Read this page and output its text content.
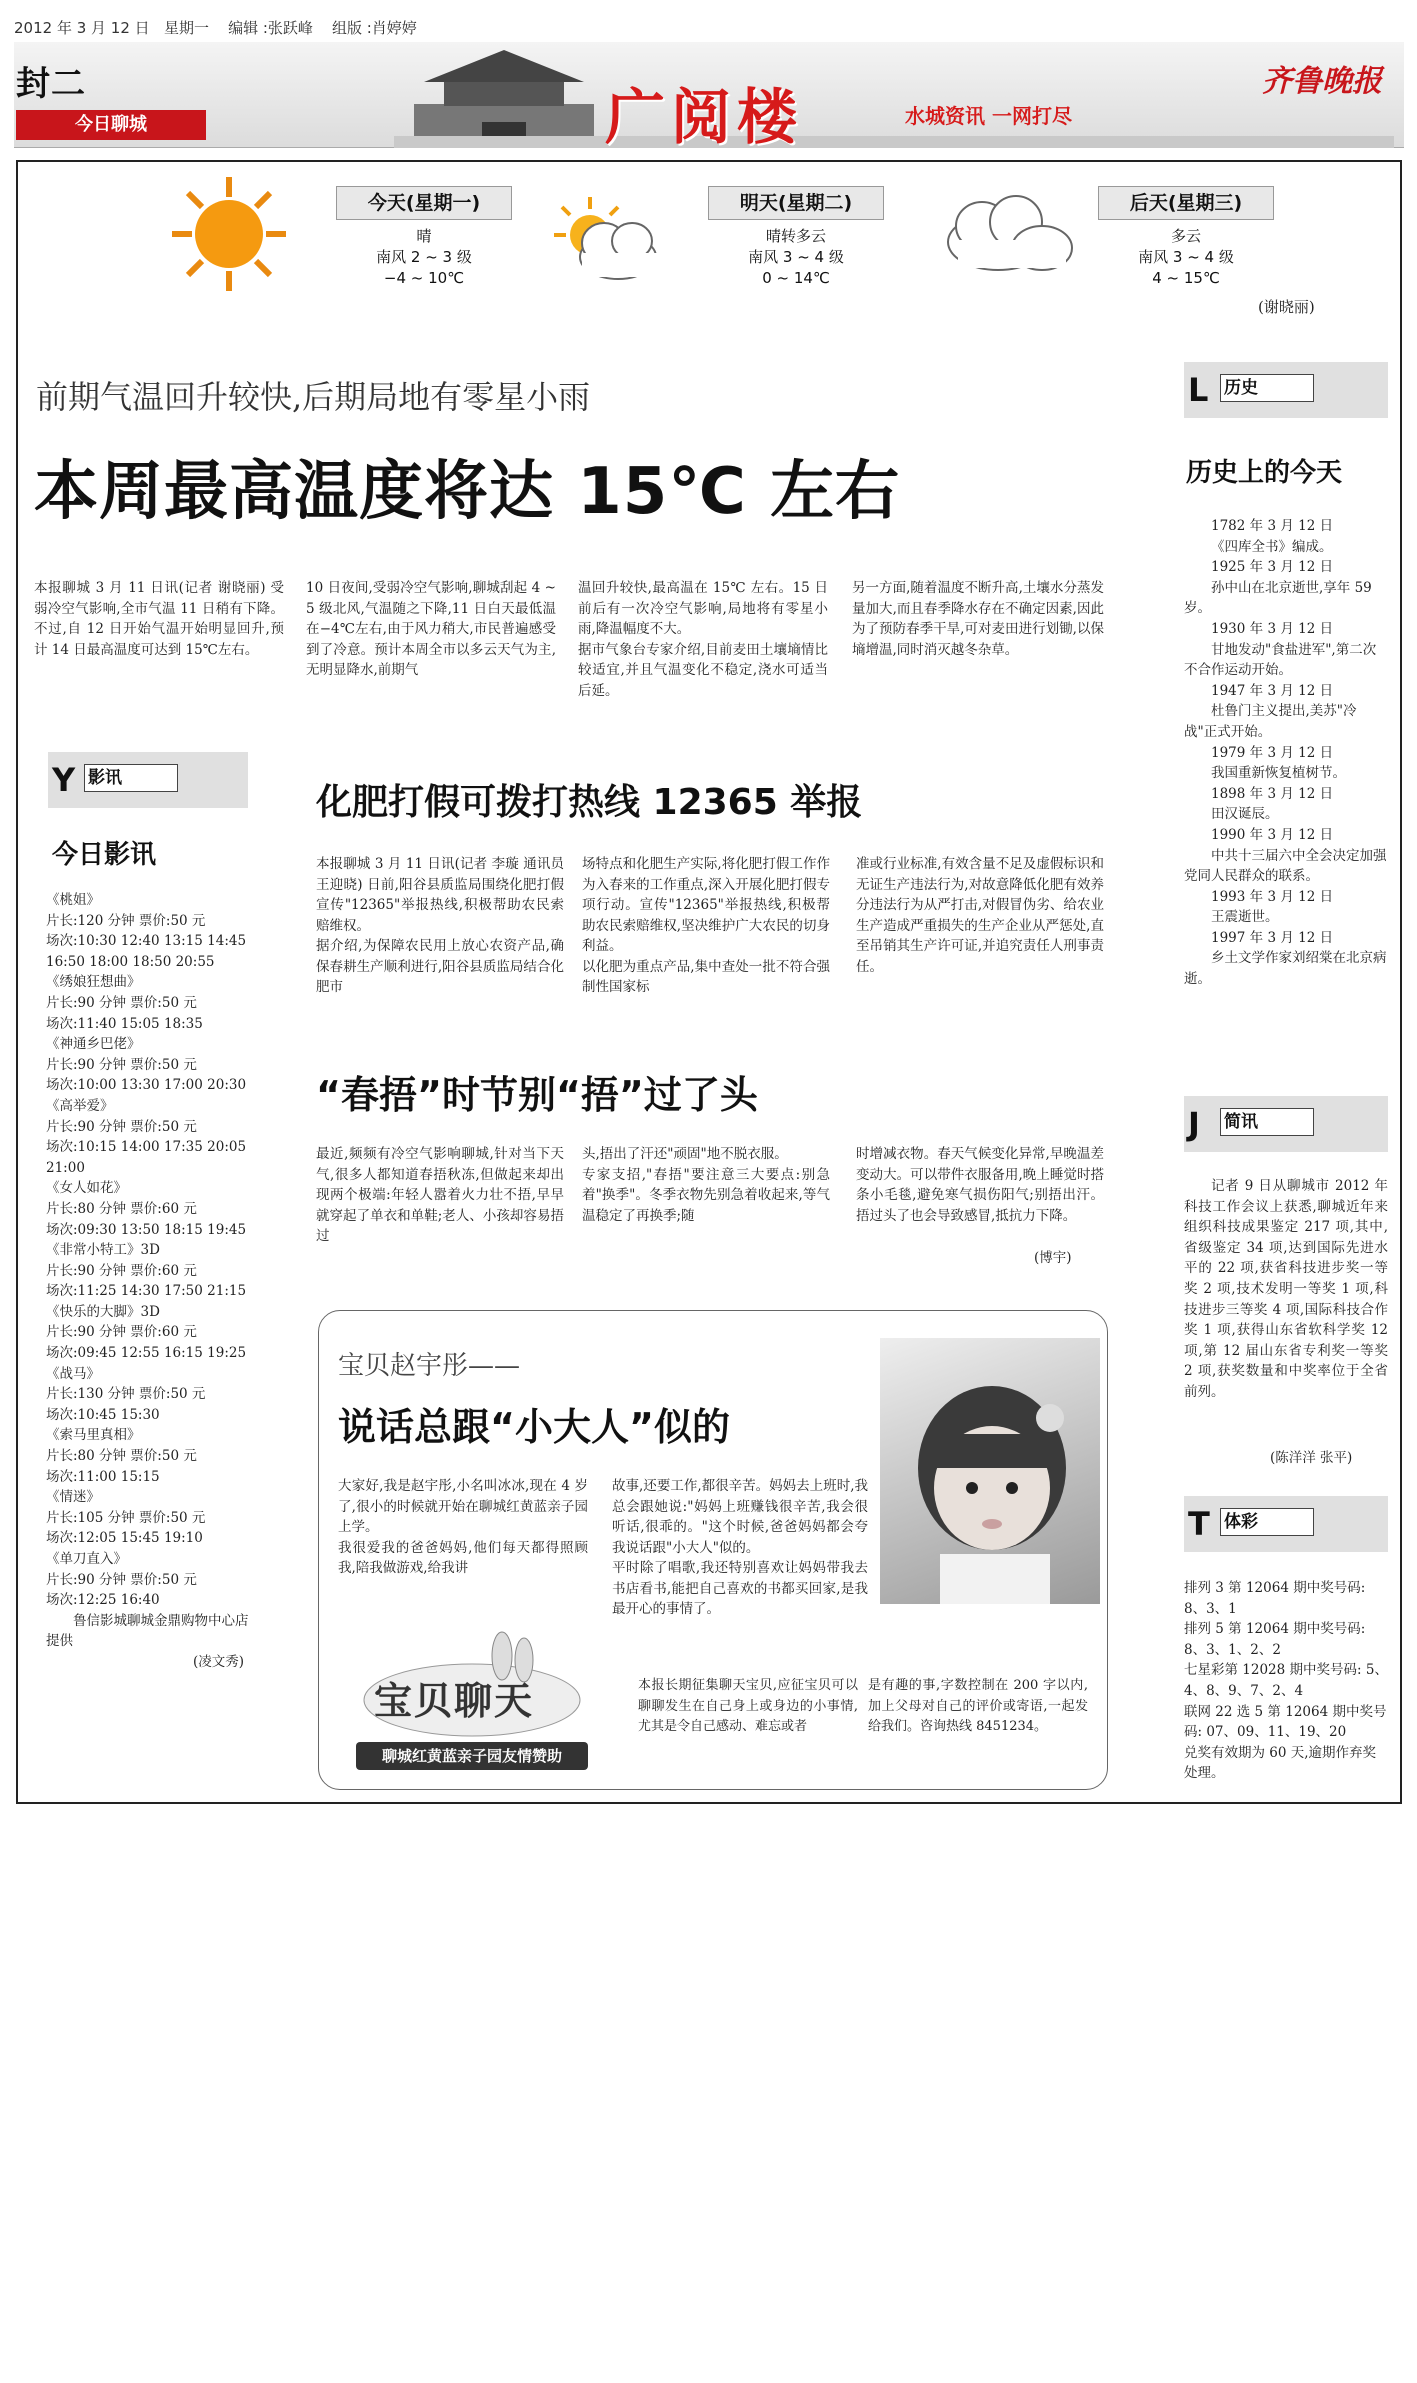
2012 年 3 月 12 日 星期一 编辑 :张跃峰 组版 :肖婷婷
封二
今日聊城	广阅楼	水城资讯 一网打尽
齐鲁晚报
今天(星期一)
晴
南风 2 ~ 3 级
−4 ~ 10℃
明天(星期二)
晴转多云
南风 3 ~ 4 级
0 ~ 14℃
后天(星期三)
多云
南风 3 ~ 4 级
4 ~ 15℃
(谢晓丽)
前期气温回升较快,后期局地有零星小雨
本周最高温度将达 15℃ 左右
本报聊城 3 月 11 日讯(记者 谢晓丽) 受弱冷空气影响,全市气温 11 日稍有下降。不过,自 12 日开始气温开始明显回升,预计 14 日最高温度可达到 15℃左右。
10 日夜间,受弱冷空气影响,聊城刮起 4 ~ 5 级北风,气温随之下降,11 日白天最低温在−4℃左右,由于风力稍大,市民普遍感受到了冷意。预计本周全市以多云天气为主,无明显降水,前期气
温回升较快,最高温在 15℃ 左右。15 日前后有一次冷空气影响,局地将有零星小雨,降温幅度不大。
据市气象台专家介绍,目前麦田土壤墒情比较适宜,并且气温变化不稳定,浇水可适当后延。
另一方面,随着温度不断升高,土壤水分蒸发量加大,而且春季降水存在不确定因素,因此为了预防春季干旱,可对麦田进行划锄,以保墒增温,同时消灭越冬杂草。
化肥打假可拨打热线 12365 举报
本报聊城 3 月 11 日讯(记者 李璇 通讯员 王迎晓) 日前,阳谷县质监局围绕化肥打假宣传"12365"举报热线,积极帮助农民索赔维权。
据介绍,为保障农民用上放心农资产品,确保春耕生产顺利进行,阳谷县质监局结合化肥市
场特点和化肥生产实际,将化肥打假工作作为入春来的工作重点,深入开展化肥打假专项行动。宣传"12365"举报热线,积极帮助农民索赔维权,坚决维护广大农民的切身利益。
以化肥为重点产品,集中查处一批不符合强制性国家标
准或行业标准,有效含量不足及虚假标识和无证生产违法行为,对故意降低化肥有效养分违法行为从严打击,对假冒伪劣、给农业生产造成严重损失的生产企业从严惩处,直至吊销其生产许可证,并追究责任人刑事责任。
“春捂”时节别“捂”过了头
最近,频频有冷空气影响聊城,针对当下天气,很多人都知道春捂秋冻,但做起来却出现两个极端:年轻人嚣着火力壮不捂,早早就穿起了单衣和单鞋;老人、小孩却容易捂过
头,捂出了汗还"顽固"地不脱衣服。
专家支招,"春捂"要注意三大要点:别急着"换季"。冬季衣物先别急着收起来,等气温稳定了再换季;随
时增减衣物。春天气候变化异常,早晚温差变动大。可以带件衣服备用,晚上睡觉时搭条小毛毯,避免寒气损伤阳气;别捂出汗。捂过头了也会导致感冒,抵抗力下降。
(博宇)
宝贝赵宇彤——
说话总跟“小大人”似的
大家好,我是赵宇彤,小名叫冰冰,现在 4 岁了,很小的时候就开始在聊城红黄蓝亲子园上学。
我很爱我的爸爸妈妈,他们每天都得照顾我,陪我做游戏,给我讲
故事,还要工作,都很辛苦。妈妈去上班时,我总会跟她说:"妈妈上班赚钱很辛苦,我会很听话,很乖的。"这个时候,爸爸妈妈都会夸我说话跟"小大人"似的。
平时除了唱歌,我还特别喜欢让妈妈带我去书店看书,能把自己喜欢的书都买回家,是我最开心的事情了。
宝贝聊天
聊城红黄蓝亲子园友情赞助
本报长期征集聊天宝贝,应征宝贝可以聊聊发生在自己身上或身边的小事情,尤其是令自己感动、难忘或者
是有趣的事,字数控制在 200 字以内,加上父母对自己的评价或寄语,一起发给我们。咨询热线 8451234。
Y 影讯
今日影讯
《桃姐》
片长:120 分钟 票价:50 元
场次:10:30 12:40 13:15 14:45 16:50 18:00 18:50 20:55
《绣娘狂想曲》
片长:90 分钟 票价:50 元
场次:11:40 15:05 18:35
《神通乡巴佬》
片长:90 分钟 票价:50 元
场次:10:00 13:30 17:00 20:30
《高举爱》
片长:90 分钟 票价:50 元
场次:10:15 14:00 17:35 20:05 21:00
《女人如花》
片长:80 分钟 票价:60 元
场次:09:30 13:50 18:15 19:45
《非常小特工》3D
片长:90 分钟 票价:60 元
场次:11:25 14:30 17:50 21:15
《快乐的大脚》3D
片长:90 分钟 票价:60 元
场次:09:45 12:55 16:15 19:25
《战马》
片长:130 分钟 票价:50 元
场次:10:45 15:30
《索马里真相》
片长:80 分钟 票价:50 元
场次:11:00 15:15
《情迷》
片长:105 分钟 票价:50 元
场次:12:05 15:45 19:10
《单刀直入》
片长:90 分钟 票价:50 元
场次:12:25 16:40
鲁信影城聊城金鼎购物中心店提供
(凌文秀)
L 历史
历史上的今天
1782 年 3 月 12 日
《四库全书》编成。
1925 年 3 月 12 日
孙中山在北京逝世,享年 59 岁。
1930 年 3 月 12 日
甘地发动"食盐进军",第二次不合作运动开始。
1947 年 3 月 12 日
杜鲁门主义提出,美苏"冷战"正式开始。
1979 年 3 月 12 日
我国重新恢复植树节。
1898 年 3 月 12 日
田汉诞辰。
1990 年 3 月 12 日
中共十三届六中全会决定加强党同人民群众的联系。
1993 年 3 月 12 日
王震逝世。
1997 年 3 月 12 日
乡土文学作家刘绍棠在北京病逝。
J 简讯
记者 9 日从聊城市 2012 年科技工作会议上获悉,聊城近年来组织科技成果鉴定 217 项,其中,省级鉴定 34 项,达到国际先进水平的 22 项,获省科技进步奖一等奖 2 项,技术发明一等奖 1 项,科技进步三等奖 4 项,国际科技合作奖 1 项,获得山东省软科学奖 12 项,第 12 届山东省专利奖一等奖 2 项,获奖数量和中奖率位于全省前列。
(陈洋洋 张平)
T 体彩
排列 3 第 12064 期中奖号码: 8、3、1
排列 5 第 12064 期中奖号码: 8、3、1、2、2
七星彩第 12028 期中奖号码: 5、4、8、9、7、2、4
联网 22 选 5 第 12064 期中奖号码: 07、09、11、19、20
兑奖有效期为 60 天,逾期作弃奖处理。
